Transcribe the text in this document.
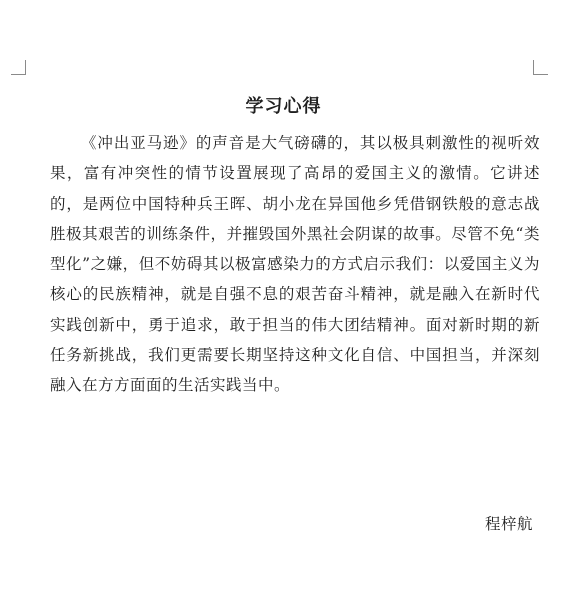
学习心得

《冲出亚马逊》的声音是大气磅礴的，其以极具刺激性的视听效果，富有冲突性的情节设置展现了高昂的爱国主义的激情。它讲述的，是两位中国特种兵王晖、胡小龙在异国他乡凭借钢铁般的意志战胜极其艰苦的训练条件，并摧毁国外黑社会阴谋的故事。尽管不免“类型化”之嫌，但不妨碍其以极富感染力的方式启示我们：以爱国主义为核心的民族精神，就是自强不息的艰苦奋斗精神，就是融入在新时代实践创新中，勇于追求，敢于担当的伟大团结精神。面对新时期的新任务新挑战，我们更需要长期坚持这种文化自信、中国担当，并深刻融入在方方面面的生活实践当中。

程梓航
